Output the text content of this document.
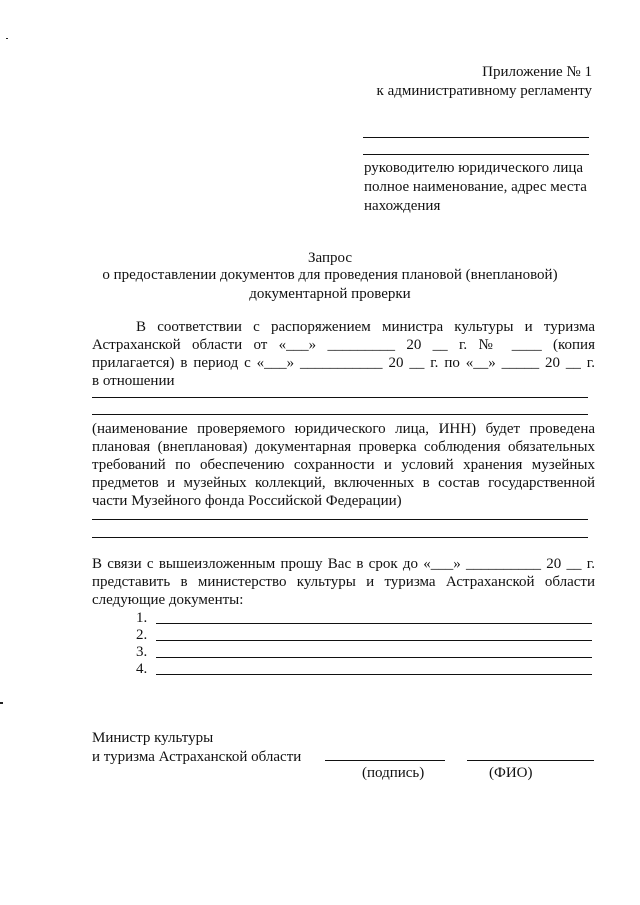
Приложение № 1
к административному регламенту
руководителю юридического лица
полное наименование, адрес места
нахождения
Запрос
о предоставлении документов для проведения плановой (внеплановой)
документарной проверки
В соответствии с распоряжением министра культуры и туризма
Астраханской области от «___» _________ 20 __ г. № ____ (копия
прилагается) в период с «___» ___________ 20 __ г. по «__» _____ 20 __ г.
в отношении
(наименование проверяемого юридического лица, ИНН) будет проведена
плановая (внеплановая) документарная проверка соблюдения обязательных
требований по обеспечению сохранности и условий хранения музейных
предметов и музейных коллекций, включенных в состав государственной
части Музейного фонда Российской Федерации)
В связи с вышеизложенным прошу Вас в срок до «___» __________ 20 __ г.
представить в министерство культуры и туризма Астраханской области
следующие документы:
1.
2.
3.
4.
Министр культуры
и туризма Астраханской области
(подпись)	(ФИО)
